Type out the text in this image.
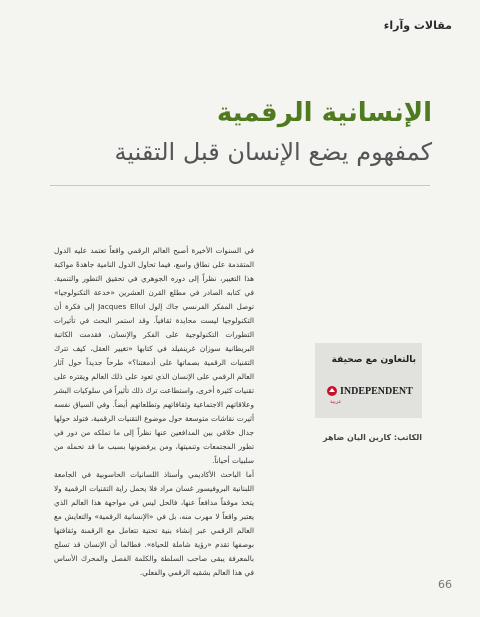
مقالات وآراء
الإنسانية الرقمية
كمفهوم يضع الإنسان قبل التقنية

في السنوات الأخيرة أصبح العالم الرقمي واقعاً تعتمد عليه الدول المتقدمة على نطاق واسع، فيما تحاول الدول النامية جاهدةً مواكبة هذا التغيير، نظراً إلى دوره الجوهري في تحقيق التطور والتنمية. في كتابه الصادر في مطلع القرن العشرين «خدعة التكنولوجيا» توصل المفكر الفرنسي جاك إلول Jacques Ellul إلى فكرة أن التكنولوجيا ليست محايدة ثقافياً. وقد استمر البحث في تأثيرات التطورات التكنولوجية على الفكر والإنسان، فقدمت الكاتبة البريطانية سوزان غرينفيلد في كتابها «تغيير العقل، كيف تترك التقنيات الرقمية بصماتها على أدمغتنا؟» طرحاً جديداً حول آثار العالم الرقمي على الإنسان الذي تعود على ذلك العالم ويقتره على تقنيات كثيرة أخرى، واستطاعت ترك ذلك تأثيراً في سلوكيات البشر وعلاقاتهم الاجتماعية وثقافاتهم وتطلعاتهم أيضاً. وفي السياق نفسه أثيرت نقاشات متوسعة حول موضوع التقنيات الرقمية، فتولد حولها جدال خلافي بين المدافعين عنها نظراً إلى ما تملكه من دور في تطور المجتمعات وتنميتها، ومن يرفضونها بسبب ما قد تحمله من سلبيات أحياناً.

أما الباحث الأكاديمي وأستاذ اللسانيات الحاسوبية في الجامعة اللبنانية البروفيسور غسان مراد فلا يحمل راية التقنيات الرقمية ولا يتخذ موقفاً مدافعاً عنها، فالحل ليس في مواجهة هذا العالم الذي يعتبر واقعاً لا مهرب منه، بل في «الإنسانية الرقمية» والتعايش مع العالم الرقمي عبر إنشاء بنية تحتية تتعامل مع الرقمنة وثقافتها بوصفها تقدم «رؤية شاملة للحياة». فطالما أن الإنسان قد تسلح بالمعرفة يبقى صاحب السلطة والكلمة الفصل والمحرك الأساس في هذا العالم بشقيه الرقمي والفعلي.

بالتعاون مع صحيفة
INDEPENDENT
عربية
الكاتب: كارين اليان ضاهر
66
